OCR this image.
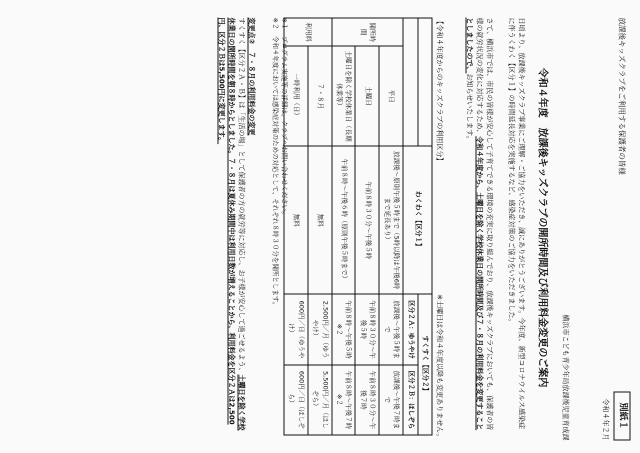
放課後キッズクラブをご利用する保護者の皆様
別紙１
令和４年２月
横浜市こども青少年局放課後児童育成課
令和４年度　放課後キッズクラブの開所時間及び利用料金変更のご案内
日頃より、放課後キッズクラブ事業にご理解・ご協力をいただき、誠にありがとうございます。今年度、新型コロナウイルス感染症に伴うくわく【区分１】の時間延長対応を実施するなど、感染症対策のご協力をいただきました。
さて、横浜市では、市民の皆様が安心して子育てできる環境の充実に取り組んでおり、放課後キッズクラブにおいても、保護者の皆様の就労状況の変化に対応するため、令和４年度から、土曜日を除く学校休業日の開所時間及び７・８月の利用料金を変更することとしましたので、お知らせいたします。
【令和４年度からのキッズクラブの利用区分】
※土曜日は令和４年度以降も変更ありません。
		わくわく【区分１】	すくすく【区分２】	
			区分２Ａ：ゆうやけ	区分２Ｂ：ほしぞら
開所時間	平日	放課後〜原則午後５時まで（5時以降は午後6時まで延長あり）	放課後〜午後５時まで	放課後〜午後７時まで
	土曜日	午前８時３０分〜午後５時	午前８時３０分〜午後５時	午前８時３０分〜午後７時
	土曜日を除く学校休業日（長期休業等）	午前８時〜午後６時（原則午後５時まで）	午前８時〜午後５時 ※２	午前８時〜午後７時 ※２
利用料	７・８月	無料	2,500円／月（ゆうやけ）	5,500円／月（ほしぞら）
	一時利用（日）	無料	600円／日（ゆうやけ）	600円／日（ほしぞら）
※１　プログラム実施等の詳細は、クラブへお問い合わせください。
※２　令和４年度においては感染症対策のための対応として、それぞれ８時３０分を開所とします。
変更点②　７・８月の利用料金の変更
すくすく【区分２Ａ・Ｂ】は「生活の場」として保護者の方の就労等に対応し、お子様が安心して過ごせるよう、土曜日を除く学校休業日の開所時間を朝８時からとしました。７・８月は夏休み期間中は利用日数が増えることから、利用料金を区分２Ａは2,500円、区分２Ｂは5,500円に変更します。
